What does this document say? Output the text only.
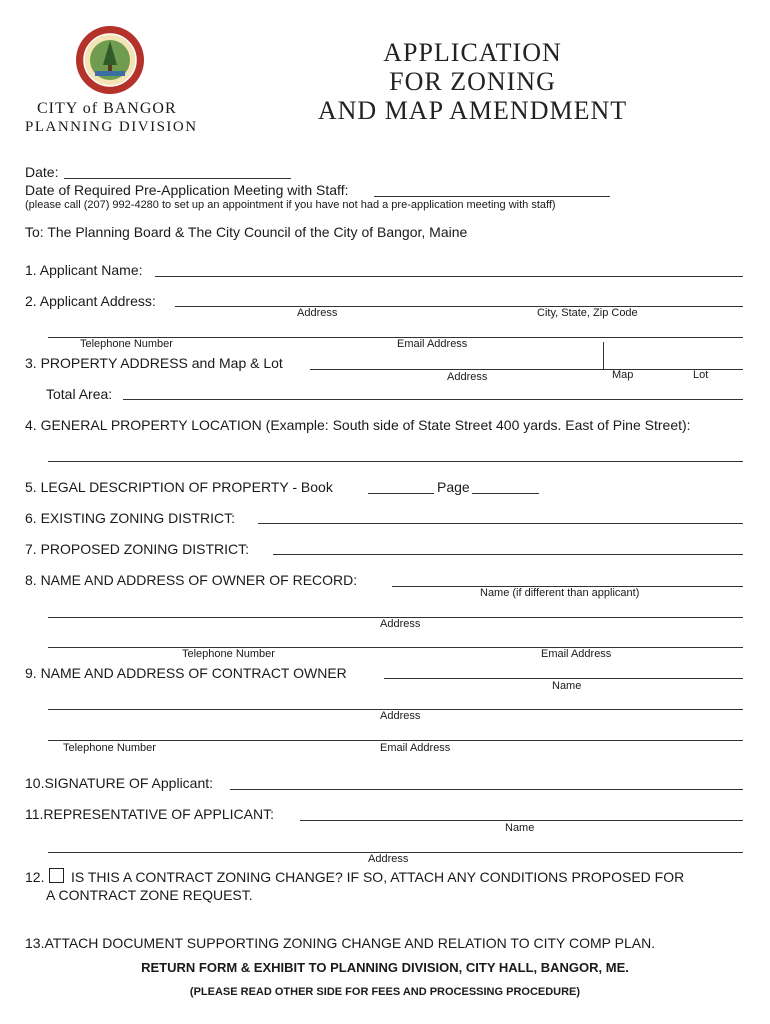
CITY of BANGOR
PLANNING DIVISION
APPLICATION
FOR ZONING
AND MAP AMENDMENT
Date:
Date of Required Pre-Application Meeting with Staff:
(please call (207) 992-4280 to set up an appointment if you have not had a pre-application meeting with staff)
To: The Planning Board & The City Council of the City of Bangor, Maine
1. Applicant Name:
2. Applicant Address:
Address	City, State, Zip Code
Telephone Number	Email Address
3. PROPERTY ADDRESS and Map & Lot
Address	Map	Lot
Total Area:
4. GENERAL PROPERTY LOCATION (Example: South side of State Street 400 yards. East of Pine Street):
5. LEGAL DESCRIPTION OF PROPERTY - Book	Page
6. EXISTING ZONING DISTRICT:
7. PROPOSED ZONING DISTRICT:
8. NAME AND ADDRESS OF OWNER OF RECORD:
Name (if different than applicant)
Address
Telephone Number	Email Address
9. NAME AND ADDRESS OF CONTRACT OWNER
Name
Address
Telephone Number	Email Address
10.SIGNATURE OF Applicant:
11.REPRESENTATIVE OF APPLICANT:
Name
Address
12. IS THIS A CONTRACT ZONING CHANGE? IF SO, ATTACH ANY CONDITIONS PROPOSED FOR
A CONTRACT ZONE REQUEST.
13.ATTACH DOCUMENT SUPPORTING ZONING CHANGE AND RELATION TO CITY COMP PLAN.
RETURN FORM & EXHIBIT TO PLANNING DIVISION, CITY HALL, BANGOR, ME.
(PLEASE READ OTHER SIDE FOR FEES AND PROCESSING PROCEDURE)
